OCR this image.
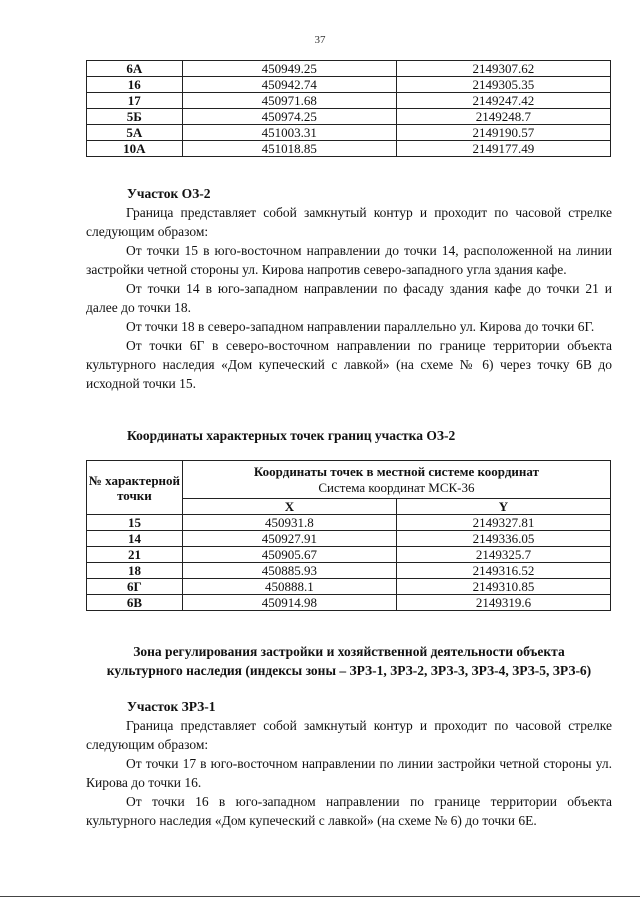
37
6А	450949.25	2149307.62
16	450942.74	2149305.35
17	450971.68	2149247.42
5Б	450974.25	2149248.7
5А	451003.31	2149190.57
10А	451018.85	2149177.49
Участок ОЗ-2

Граница представляет собой замкнутый контур и проходит по часовой стрелке следующим образом:

От точки 15 в юго-восточном направлении до точки 14, расположенной на линии застройки четной стороны ул. Кирова напротив северо-западного угла здания кафе.

От точки 14 в юго-западном направлении по фасаду здания кафе до точки 21 и далее до точки 18.

От точки 18 в северо-западном направлении параллельно ул. Кирова до точки 6Г.

От точки 6Г в северо-восточном направлении по границе территории объекта культурного наследия «Дом купеческий с лавкой» (на схеме № 6) через точку 6В до исходной точки 15.

Координаты характерных точек границ участка ОЗ-2
№ характерной точки	Координаты точек в местной системе координат
Система координат МСК-36	

	X	Y
15	450931.8	2149327.81
14	450927.91	2149336.05
21	450905.67	2149325.7
18	450885.93	2149316.52
6Г	450888.1	2149310.85
6В	450914.98	2149319.6
Зона регулирования застройки и хозяйственной деятельности объекта культурного наследия (индексы зоны – ЗРЗ-1, ЗРЗ-2, ЗРЗ-3, ЗРЗ-4, ЗРЗ-5, ЗРЗ-6)
Участок ЗРЗ-1

Граница представляет собой замкнутый контур и проходит по часовой стрелке следующим образом:

От точки 17 в юго-восточном направлении по линии застройки четной стороны ул. Кирова до точки 16.

От точки 16 в юго-западном направлении по границе территории объекта культурного наследия «Дом купеческий с лавкой» (на схеме № 6) до точки 6Е.
